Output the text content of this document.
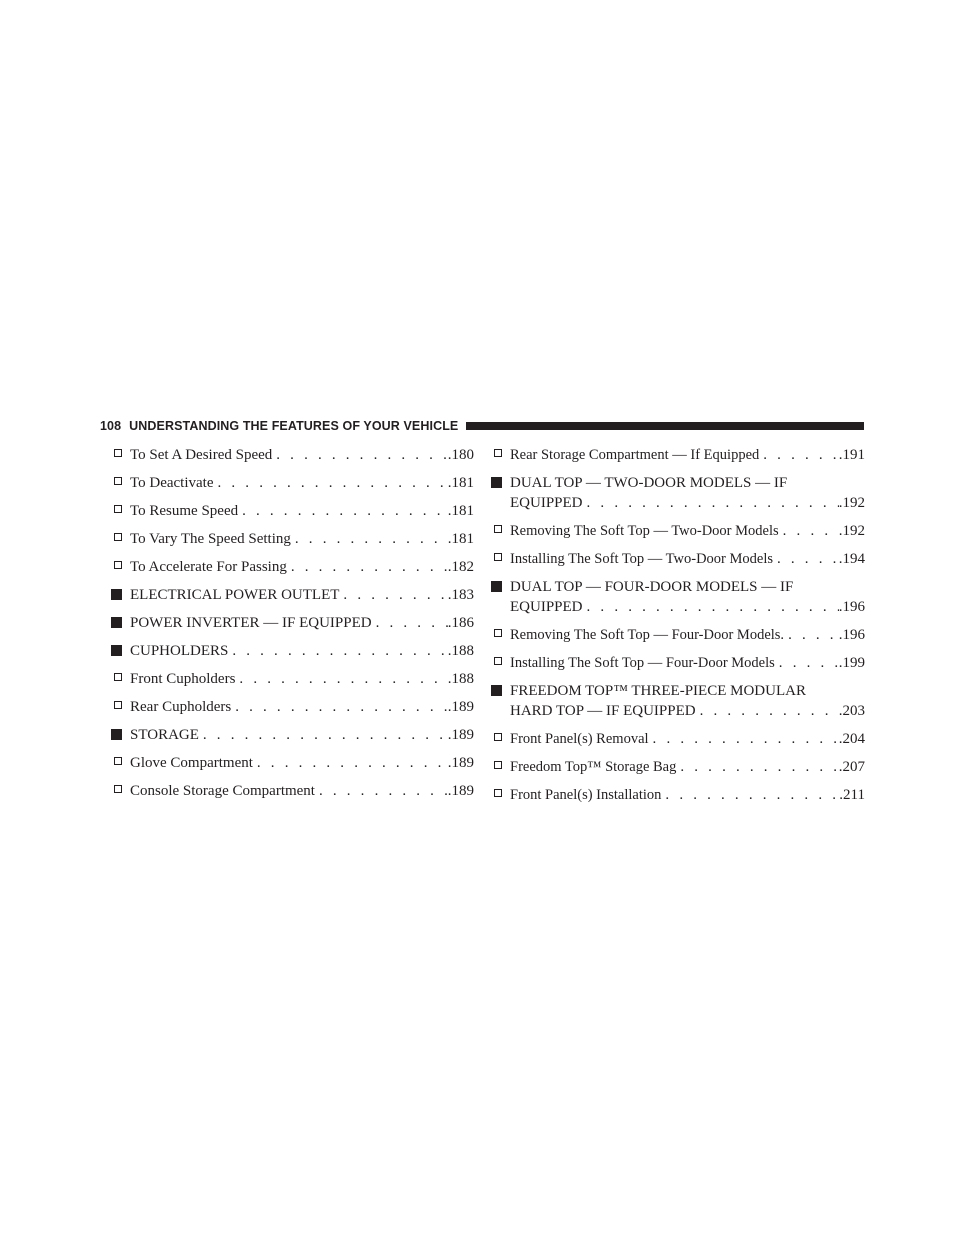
108 UNDERSTANDING THE FEATURES OF YOUR VEHICLE
To Set A Desired Speed . . .	.180
To Deactivate . . .	.181
To Resume Speed . . .	.181
To Vary The Speed Setting . . .	.181
To Accelerate For Passing . . .	.182
ELECTRICAL POWER OUTLET . . .	.183
POWER INVERTER — IF EQUIPPED . . .	.186
CUPHOLDERS . . .	.188
Front Cupholders . . .	.188
Rear Cupholders . . .	.189
STORAGE . . .	.189
Glove Compartment . . .	.189
Console Storage Compartment . . .	.189
Rear Storage Compartment — If Equipped . . .	.191
DUAL TOP — TWO-DOOR MODELS — IF
EQUIPPED . . .	.192
Removing The Soft Top — Two-Door Models . . .	.192
Installing The Soft Top — Two-Door Models . . .	.194
DUAL TOP — FOUR-DOOR MODELS — IF
EQUIPPED . . .	.196
Removing The Soft Top — Four-Door Models. . . .	.196
Installing The Soft Top — Four-Door Models . . .	.199
FREEDOM TOP™ THREE-PIECE MODULAR
HARD TOP — IF EQUIPPED . . .	.203
Front Panel(s) Removal . . .	.204
Freedom Top™ Storage Bag . . .	.207
Front Panel(s) Installation . . .	.211
